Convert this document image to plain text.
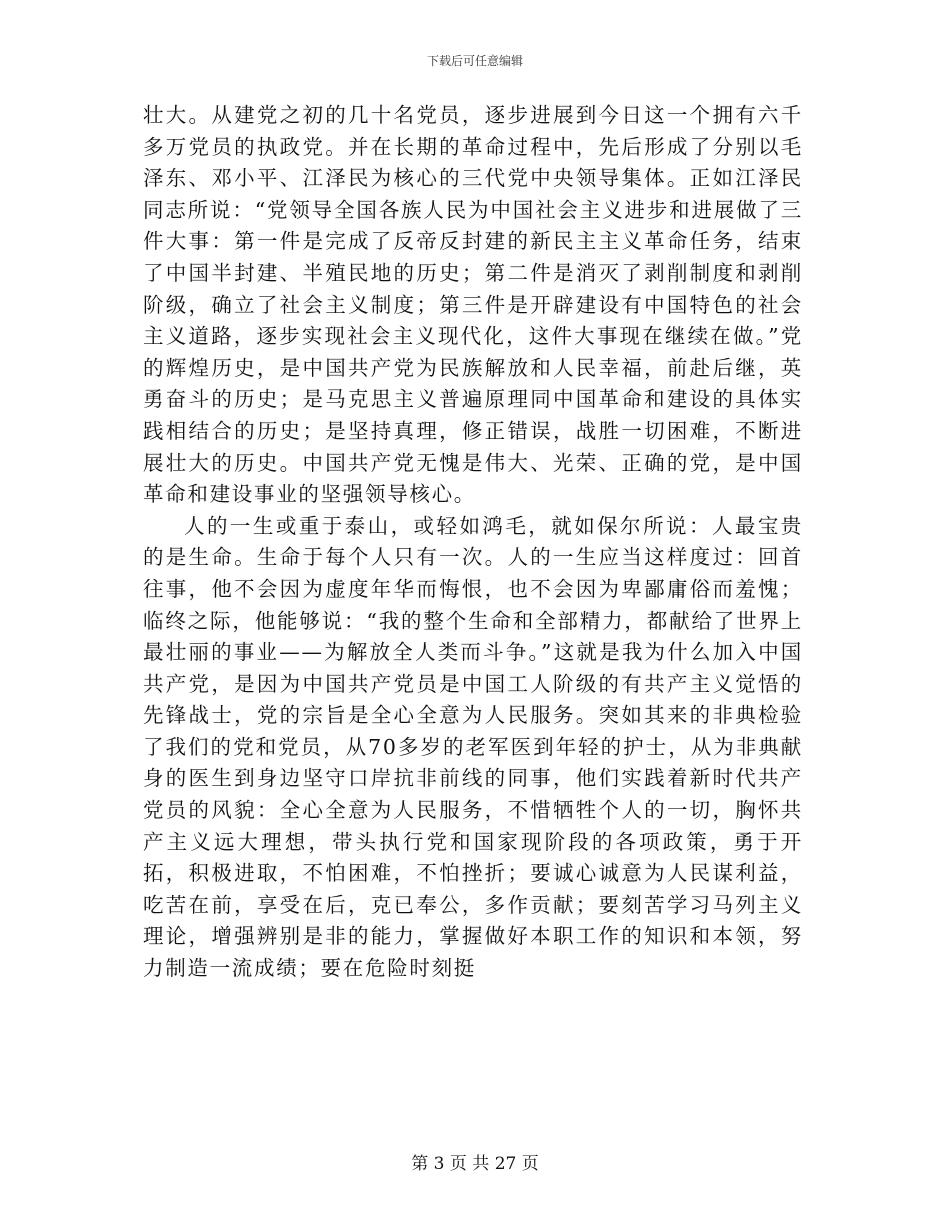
下载后可任意编辑

壮大。从建党之初的几十名党员，逐步进展到今日这一个拥有六千多万党员的执政党。并在长期的革命过程中，先后形成了分别以毛泽东、邓小平、江泽民为核心的三代党中央领导集体。正如江泽民同志所说：“党领导全国各族人民为中国社会主义进步和进展做了三件大事：第一件是完成了反帝反封建的新民主主义革命任务，结束了中国半封建、半殖民地的历史；第二件是消灭了剥削制度和剥削阶级，确立了社会主义制度；第三件是开辟建设有中国特色的社会主义道路，逐步实现社会主义现代化，这件大事现在继续在做。”党的辉煌历史，是中国共产党为民族解放和人民幸福，前赴后继，英勇奋斗的历史；是马克思主义普遍原理同中国革命和建设的具体实践相结合的历史；是坚持真理，修正错误，战胜一切困难，不断进展壮大的历史。中国共产党无愧是伟大、光荣、正确的党，是中国革命和建设事业的坚强领导核心。

人的一生或重于泰山，或轻如鸿毛，就如保尔所说：人最宝贵的是生命。生命于每个人只有一次。人的一生应当这样度过：回首往事，他不会因为虚度年华而悔恨，也不会因为卑鄙庸俗而羞愧；临终之际，他能够说：“我的整个生命和全部精力，都献给了世界上最壮丽的事业——为解放全人类而斗争。”这就是我为什么加入中国共产党，是因为中国共产党员是中国工人阶级的有共产主义觉悟的先锋战士，党的宗旨是全心全意为人民服务。突如其来的非典检验了我们的党和党员，从70多岁的老军医到年轻的护士，从为非典献身的医生到身边坚守口岸抗非前线的同事，他们实践着新时代共产党员的风貌：全心全意为人民服务，不惜牺牲个人的一切，胸怀共产主义远大理想，带头执行党和国家现阶段的各项政策，勇于开拓，积极进取，不怕困难，不怕挫折；要诚心诚意为人民谋利益，吃苦在前，享受在后，克已奉公，多作贡献；要刻苦学习马列主义理论，增强辨别是非的能力，掌握做好本职工作的知识和本领，努力制造一流成绩；要在危险时刻挺

第 3 页 共 27 页
